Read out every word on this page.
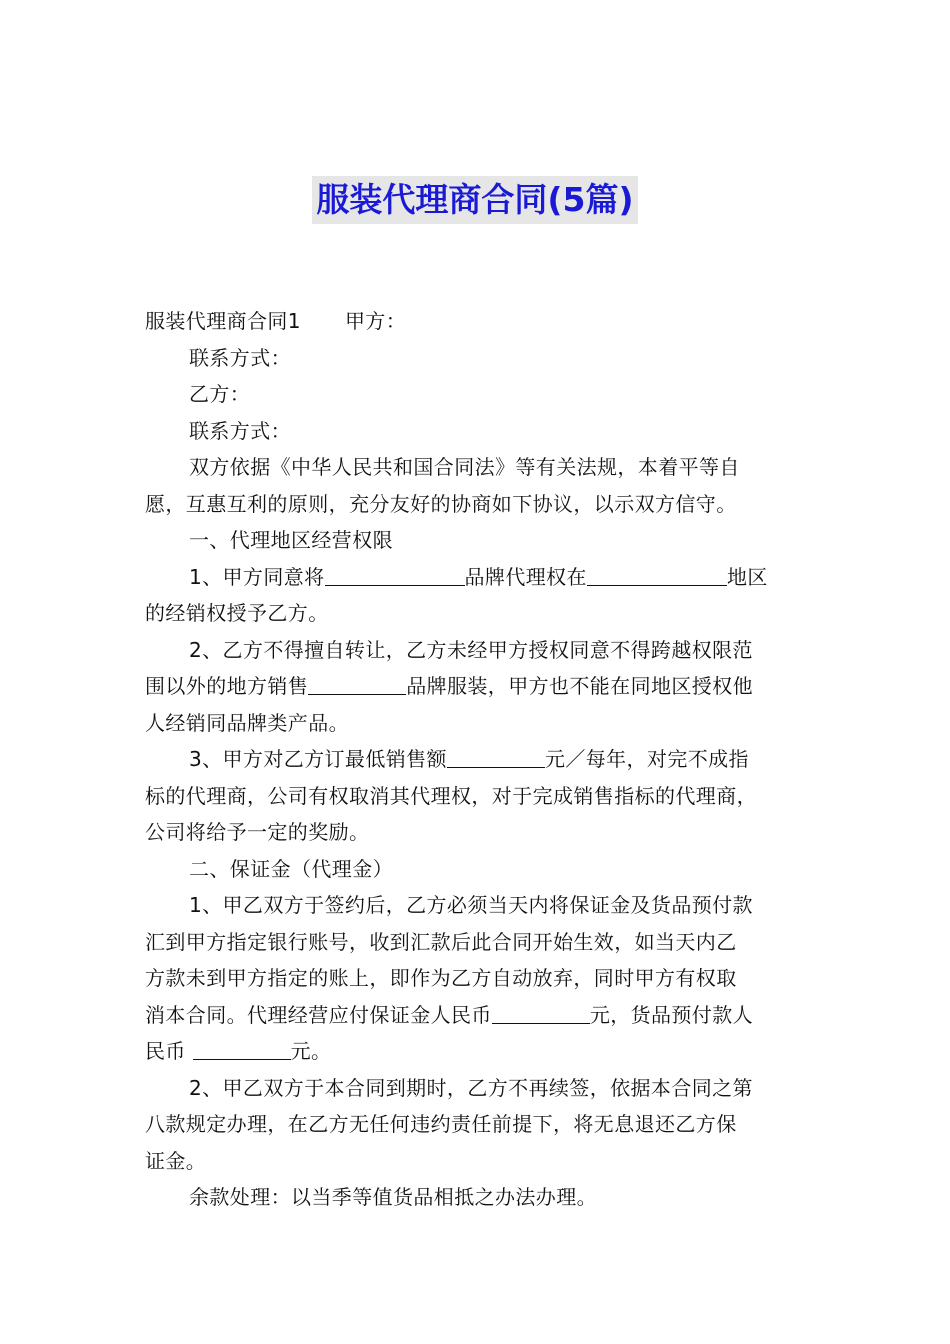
服装代理商合同(5篇)

服装代理商合同1 甲方：

联系方式：

乙方：

联系方式：

双方依据《中华人民共和国合同法》等有关法规，本着平等自

愿，互惠互利的原则，充分友好的协商如下协议，以示双方信守。

一、代理地区经营权限

1、甲方同意将	品牌代理权在	地区

的经销权授予乙方。

2、乙方不得擅自转让，乙方未经甲方授权同意不得跨越权限范

围以外的地方销售	品牌服装，甲方也不能在同地区授权他

人经销同品牌类产品。

3、甲方对乙方订最低销售额	元／每年，对完不成指

标的代理商，公司有权取消其代理权，对于完成销售指标的代理商，

公司将给予一定的奖励。

二、保证金（代理金）

1、甲乙双方于签约后，乙方必须当天内将保证金及货品预付款

汇到甲方指定银行账号，收到汇款后此合同开始生效，如当天内乙

方款未到甲方指定的账上，即作为乙方自动放弃，同时甲方有权取

消本合同。代理经营应付保证金人民币	元，货品预付款人

民币	元。

2、甲乙双方于本合同到期时，乙方不再续签，依据本合同之第

八款规定办理，在乙方无任何违约责任前提下，将无息退还乙方保

证金。

余款处理：以当季等值货品相抵之办法办理。
